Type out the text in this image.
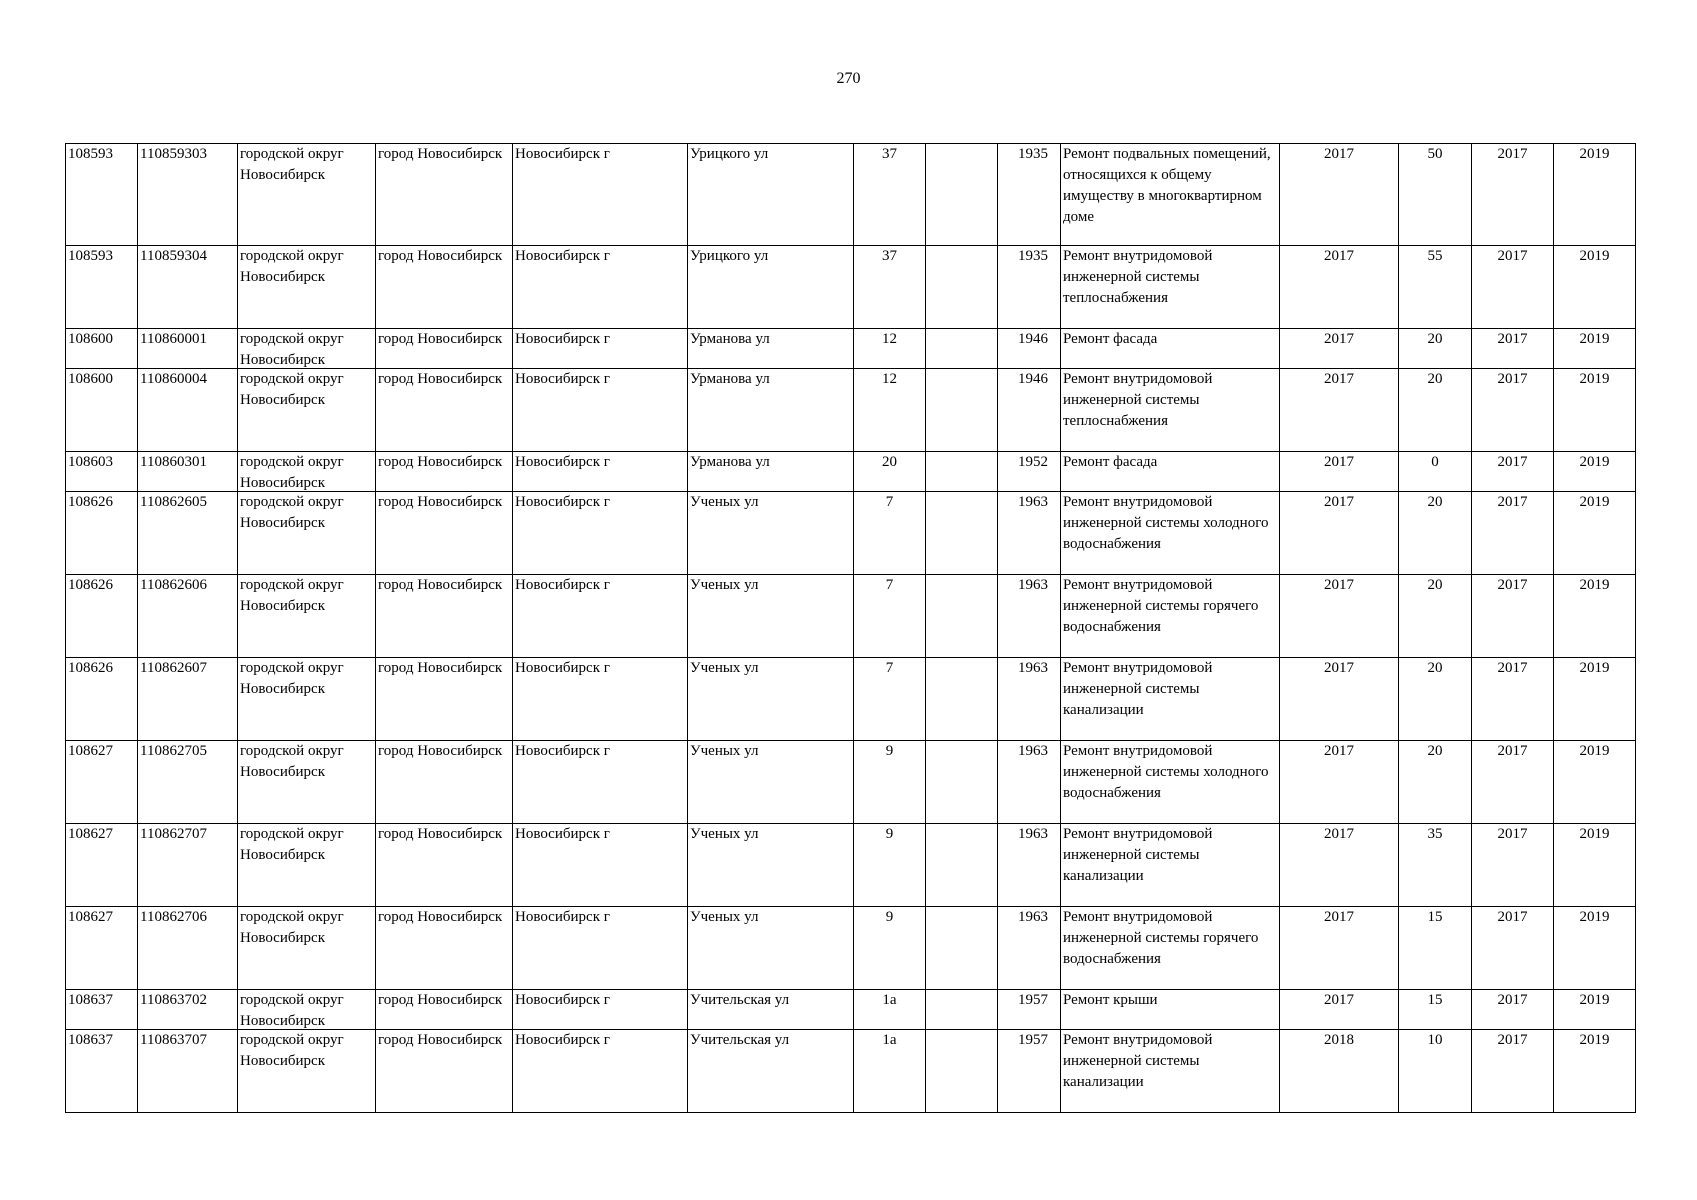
270
108593	110859303	городской округ Новосибирск	город Новосибирск	Новосибирск г	Урицкого ул	37		1935	Ремонт подвальных помещений, относящихся к общему имуществу в многоквартирном доме	2017	50	2017	2019
108593	110859304	городской округ Новосибирск	город Новосибирск	Новосибирск г	Урицкого ул	37		1935	Ремонт внутридомовой инженерной системы теплоснабжения	2017	55	2017	2019
108600	110860001	городской округ Новосибирск	город Новосибирск	Новосибирск г	Урманова ул	12		1946	Ремонт фасада	2017	20	2017	2019
108600	110860004	городской округ Новосибирск	город Новосибирск	Новосибирск г	Урманова ул	12		1946	Ремонт внутридомовой инженерной системы теплоснабжения	2017	20	2017	2019
108603	110860301	городской округ Новосибирск	город Новосибирск	Новосибирск г	Урманова ул	20		1952	Ремонт фасада	2017	0	2017	2019
108626	110862605	городской округ Новосибирск	город Новосибирск	Новосибирск г	Ученых ул	7		1963	Ремонт внутридомовой инженерной системы холодного водоснабжения	2017	20	2017	2019
108626	110862606	городской округ Новосибирск	город Новосибирск	Новосибирск г	Ученых ул	7		1963	Ремонт внутридомовой инженерной системы горячего водоснабжения	2017	20	2017	2019
108626	110862607	городской округ Новосибирск	город Новосибирск	Новосибирск г	Ученых ул	7		1963	Ремонт внутридомовой инженерной системы канализации	2017	20	2017	2019
108627	110862705	городской округ Новосибирск	город Новосибирск	Новосибирск г	Ученых ул	9		1963	Ремонт внутридомовой инженерной системы холодного водоснабжения	2017	20	2017	2019
108627	110862707	городской округ Новосибирск	город Новосибирск	Новосибирск г	Ученых ул	9		1963	Ремонт внутридомовой инженерной системы канализации	2017	35	2017	2019
108627	110862706	городской округ Новосибирск	город Новосибирск	Новосибирск г	Ученых ул	9		1963	Ремонт внутридомовой инженерной системы горячего водоснабжения	2017	15	2017	2019
108637	110863702	городской округ Новосибирск	город Новосибирск	Новосибирск г	Учительская ул	1а		1957	Ремонт крыши	2017	15	2017	2019
108637	110863707	городской округ Новосибирск	город Новосибирск	Новосибирск г	Учительская ул	1а		1957	Ремонт внутридомовой инженерной системы канализации	2018	10	2017	2019
